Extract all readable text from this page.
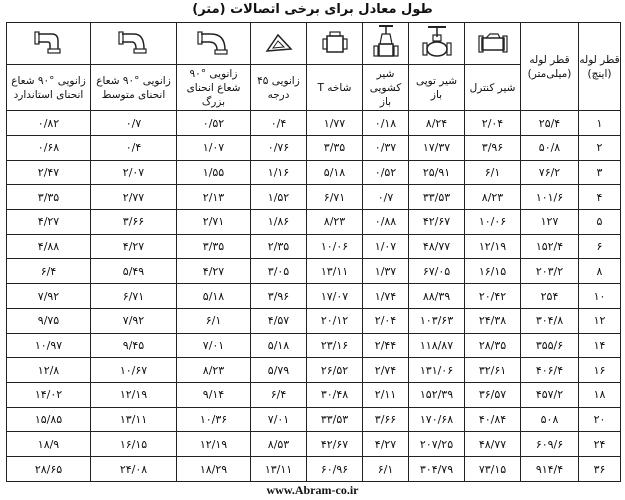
طول معادل برای برخی اتصالات (متر)
قطر لوله (اینچ)	قطر لوله (میلی‌متر)	

		شیر کنترل	شیر توپی باز	شیر کشویی باز	شاخه T	زانویی ۴۵ درجه	زانویی °۹۰ شعاع انحنای بزرگ	زانویی °۹۰ شعاع انحنای متوسط	زانویی °۹۰ شعاع انحنای استاندارد
۱	۲۵/۴	۲/۰۴	۸/۲۴	۰/۱۸	۱/۷۷	۰/۴	۰/۵۲	۰/۷	۰/۸۲
۲	۵۰/۸	۳/۹۶	۱۷/۳۷	۰/۳۷	۳/۳۵	۰/۷۶	۱/۰۷	۰/۴	۰/۶۸
۳	۷۶/۲	۶/۱	۲۵/۹۱	۰/۵۲	۵/۱۸	۱/۱۶	۱/۵۵	۲/۰۷	۲/۴۷
۴	۱۰۱/۶	۸/۲۳	۳۳/۵۳	۰/۷	۶/۷۱	۱/۵۲	۲/۱۳	۲/۷۷	۳/۳۵
۵	۱۲۷	۱۰/۰۶	۴۲/۶۷	۰/۸۸	۸/۲۳	۱/۸۶	۲/۷۱	۳/۶۶	۴/۲۷
۶	۱۵۲/۴	۱۲/۱۹	۴۸/۷۷	۱/۰۷	۱۰/۰۶	۲/۳۵	۳/۳۵	۴/۲۷	۴/۸۸
۸	۲۰۳/۲	۱۶/۱۵	۶۷/۰۵	۱/۳۷	۱۳/۱۱	۳/۰۵	۴/۲۷	۵/۴۹	۶/۴
۱۰	۲۵۴	۲۰/۴۲	۸۸/۳۹	۱/۷۴	۱۷/۰۷	۳/۹۶	۵/۱۸	۶/۷۱	۷/۹۲
۱۲	۳۰۴/۸	۲۴/۳۸	۱۰۳/۶۳	۲/۰۴	۲۰/۱۲	۴/۵۷	۶/۱	۷/۹۲	۹/۷۵
۱۴	۳۵۵/۶	۲۸/۳۵	۱۱۸/۸۷	۲/۴۴	۲۳/۱۶	۵/۱۸	۷/۰۱	۹/۴۵	۱۰/۹۷
۱۶	۴۰۶/۴	۳۲/۶۱	۱۳۱/۰۶	۲/۷۴	۲۶/۵۲	۵/۷۹	۸/۲۳	۱۰/۶۷	۱۲/۸
۱۸	۴۵۷/۲	۳۶/۵۷	۱۵۲/۳۹	۲/۱۱	۳۰/۴۸	۶/۴	۹/۱۴	۱۲/۱۹	۱۴/۰۲
۲۰	۵۰۸	۴۰/۸۴	۱۷۰/۶۸	۳/۶۶	۳۳/۵۳	۷/۰۱	۱۰/۳۶	۱۳/۱۱	۱۵/۸۵
۲۴	۶۰۹/۶	۴۸/۷۷	۲۰۷/۲۵	۴/۲۷	۴۲/۶۷	۸/۵۳	۱۲/۱۹	۱۶/۱۵	۱۸/۹
۳۶	۹۱۴/۴	۷۳/۱۵	۳۰۴/۷۹	۶/۱	۶۰/۹۶	۱۳/۱۱	۱۸/۲۹	۲۴/۰۸	۲۸/۶۵
www.Abram-co.ir
